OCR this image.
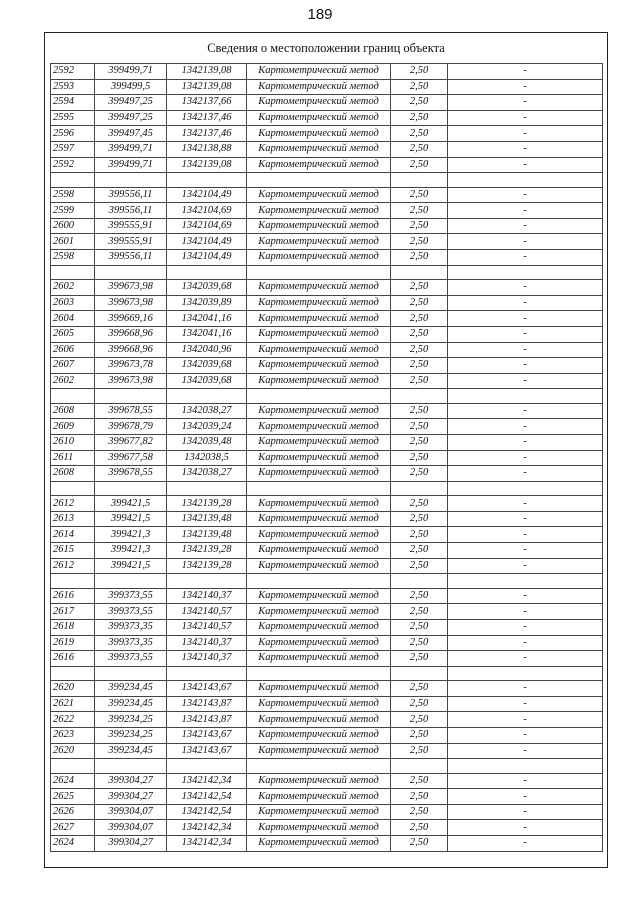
189
Сведения о местоположении границ объекта
2592	399499,71	1342139,08	Картометрический метод	2,50	-
2593	399499,5	1342139,08	Картометрический метод	2,50	-
2594	399497,25	1342137,66	Картометрический метод	2,50	-
2595	399497,25	1342137,46	Картометрический метод	2,50	-
2596	399497,45	1342137,46	Картометрический метод	2,50	-
2597	399499,71	1342138,88	Картометрический метод	2,50	-
2592	399499,71	1342139,08	Картометрический метод	2,50	-

2598	399556,11	1342104,49	Картометрический метод	2,50	-
2599	399556,11	1342104,69	Картометрический метод	2,50	-
2600	399555,91	1342104,69	Картометрический метод	2,50	-
2601	399555,91	1342104,49	Картометрический метод	2,50	-
2598	399556,11	1342104,49	Картометрический метод	2,50	-

2602	399673,98	1342039,68	Картометрический метод	2,50	-
2603	399673,98	1342039,89	Картометрический метод	2,50	-
2604	399669,16	1342041,16	Картометрический метод	2,50	-
2605	399668,96	1342041,16	Картометрический метод	2,50	-
2606	399668,96	1342040,96	Картометрический метод	2,50	-
2607	399673,78	1342039,68	Картометрический метод	2,50	-
2602	399673,98	1342039,68	Картометрический метод	2,50	-

2608	399678,55	1342038,27	Картометрический метод	2,50	-
2609	399678,79	1342039,24	Картометрический метод	2,50	-
2610	399677,82	1342039,48	Картометрический метод	2,50	-
2611	399677,58	1342038,5	Картометрический метод	2,50	-
2608	399678,55	1342038,27	Картометрический метод	2,50	-

2612	399421,5	1342139,28	Картометрический метод	2,50	-
2613	399421,5	1342139,48	Картометрический метод	2,50	-
2614	399421,3	1342139,48	Картометрический метод	2,50	-
2615	399421,3	1342139,28	Картометрический метод	2,50	-
2612	399421,5	1342139,28	Картометрический метод	2,50	-

2616	399373,55	1342140,37	Картометрический метод	2,50	-
2617	399373,55	1342140,57	Картометрический метод	2,50	-
2618	399373,35	1342140,57	Картометрический метод	2,50	-
2619	399373,35	1342140,37	Картометрический метод	2,50	-
2616	399373,55	1342140,37	Картометрический метод	2,50	-

2620	399234,45	1342143,67	Картометрический метод	2,50	-
2621	399234,45	1342143,87	Картометрический метод	2,50	-
2622	399234,25	1342143,87	Картометрический метод	2,50	-
2623	399234,25	1342143,67	Картометрический метод	2,50	-
2620	399234,45	1342143,67	Картометрический метод	2,50	-

2624	399304,27	1342142,34	Картометрический метод	2,50	-
2625	399304,27	1342142,54	Картометрический метод	2,50	-
2626	399304,07	1342142,54	Картометрический метод	2,50	-
2627	399304,07	1342142,34	Картометрический метод	2,50	-
2624	399304,27	1342142,34	Картометрический метод	2,50	-
